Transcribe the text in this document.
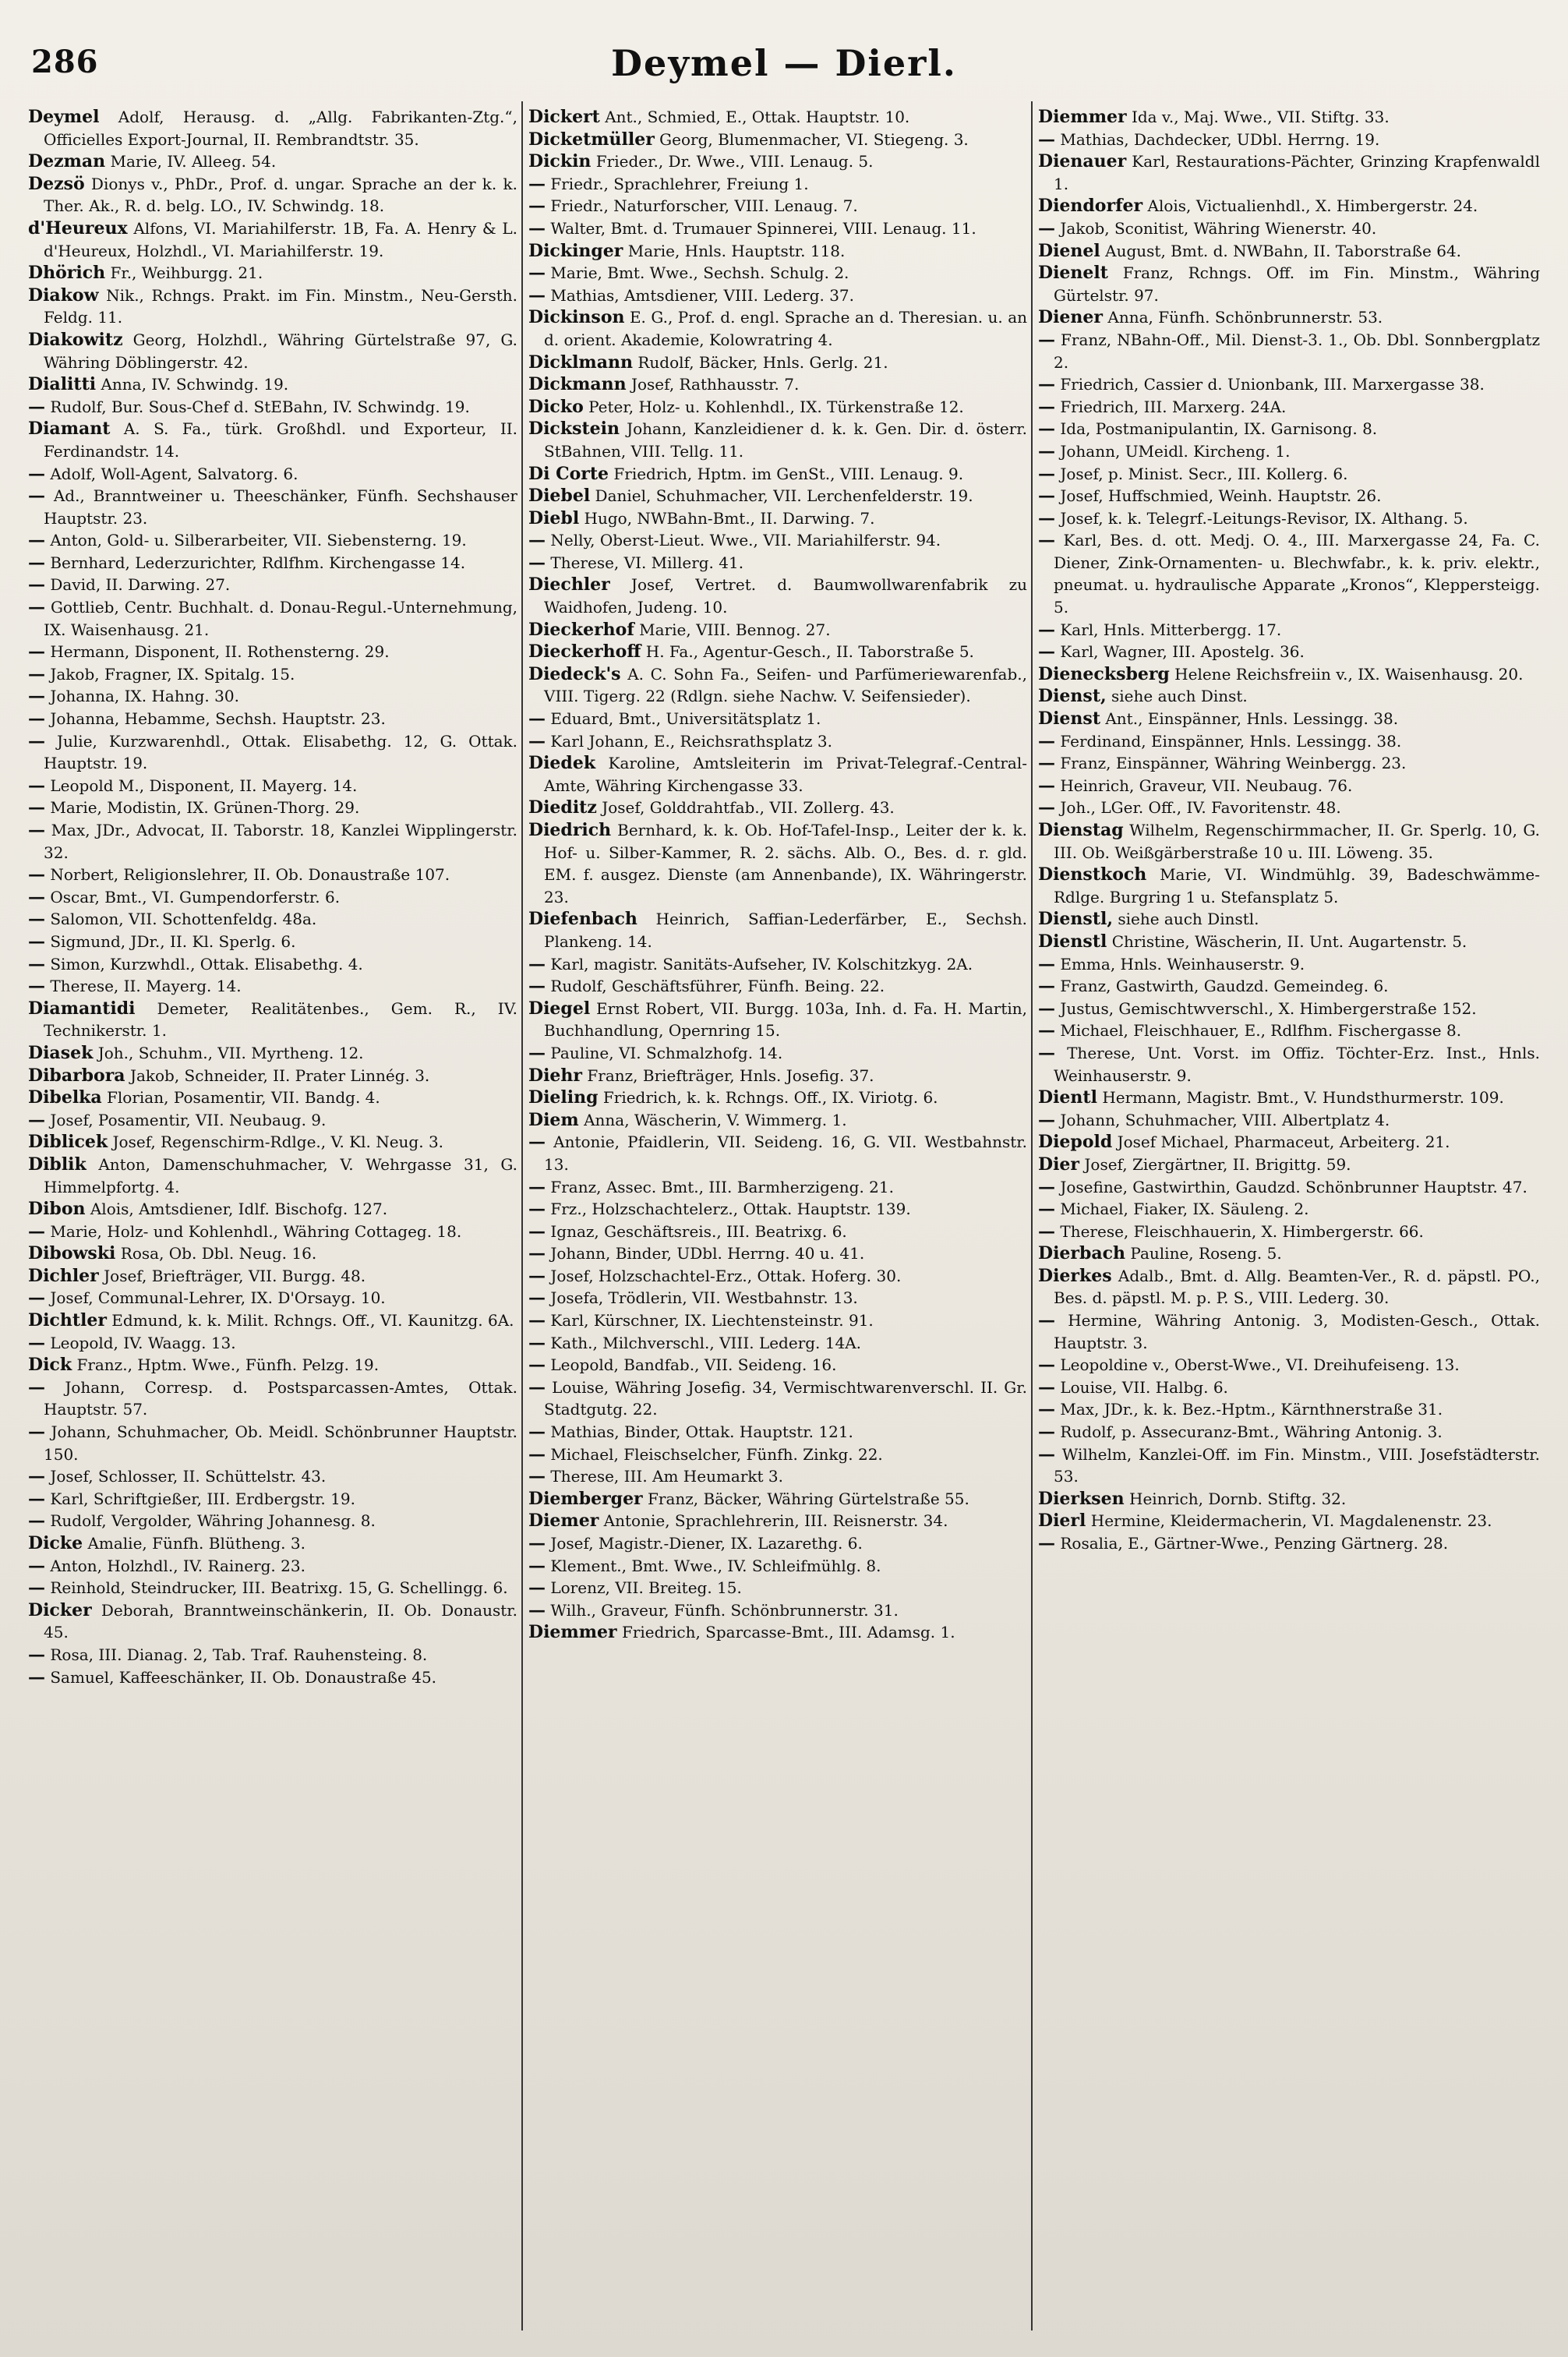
286	Deymel — Dierl.

Deymel Adolf, Herausg. d. „Allg. Fabrikanten-Ztg.“, Officielles Export-Journal, II. Rembrandtstr. 35.

Dezman Marie, IV. Alleeg. 54.

Dezsö Dionys v., PhDr., Prof. d. ungar. Sprache an der k. k. Ther. Ak., R. d. belg. LO., IV. Schwindg. 18.

d'Heureux Alfons, VI. Mariahilferstr. 1B, Fa. A. Henry & L. d'Heureux, Holzhdl., VI. Mariahilferstr. 19.

Dhörich Fr., Weihburgg. 21.

Diakow Nik., Rchngs. Prakt. im Fin. Minstm., Neu-Gersth. Feldg. 11.

Diakowitz Georg, Holzhdl., Währing Gürtelstraße 97, G. Währing Döblingerstr. 42.

Dialitti Anna, IV. Schwindg. 19.

— Rudolf, Bur. Sous-Chef d. StEBahn, IV. Schwindg. 19.

Diamant A. S. Fa., türk. Großhdl. und Exporteur, II. Ferdinandstr. 14.

— Adolf, Woll-Agent, Salvatorg. 6.

— Ad., Branntweiner u. Theeschänker, Fünfh. Sechshauser Hauptstr. 23.

— Anton, Gold- u. Silberarbeiter, VII. Siebensterng. 19.

— Bernhard, Lederzurichter, Rdlfhm. Kirchengasse 14.

— David, II. Darwing. 27.

— Gottlieb, Centr. Buchhalt. d. Donau-Regul.-Unternehmung, IX. Waisenhausg. 21.

— Hermann, Disponent, II. Rothensterng. 29.

— Jakob, Fragner, IX. Spitalg. 15.

— Johanna, IX. Hahng. 30.

— Johanna, Hebamme, Sechsh. Hauptstr. 23.

— Julie, Kurzwarenhdl., Ottak. Elisabethg. 12, G. Ottak. Hauptstr. 19.

— Leopold M., Disponent, II. Mayerg. 14.

— Marie, Modistin, IX. Grünen-Thorg. 29.

— Max, JDr., Advocat, II. Taborstr. 18, Kanzlei Wipplingerstr. 32.

— Norbert, Religionslehrer, II. Ob. Donaustraße 107.

— Oscar, Bmt., VI. Gumpendorferstr. 6.

— Salomon, VII. Schottenfeldg. 48a.

— Sigmund, JDr., II. Kl. Sperlg. 6.

— Simon, Kurzwhdl., Ottak. Elisabethg. 4.

— Therese, II. Mayerg. 14.

Diamantidi Demeter, Realitätenbes., Gem. R., IV. Technikerstr. 1.

Diasek Joh., Schuhm., VII. Myrtheng. 12.

Dibarbora Jakob, Schneider, II. Prater Linnég. 3.

Dibelka Florian, Posamentir, VII. Bandg. 4.

— Josef, Posamentir, VII. Neubaug. 9.

Diblicek Josef, Regenschirm-Rdlge., V. Kl. Neug. 3.

Diblik Anton, Damenschuhmacher, V. Wehrgasse 31, G. Himmelpfortg. 4.

Dibon Alois, Amtsdiener, Idlf. Bischofg. 127.

— Marie, Holz- und Kohlenhdl., Währing Cottageg. 18.

Dibowski Rosa, Ob. Dbl. Neug. 16.

Dichler Josef, Briefträger, VII. Burgg. 48.

— Josef, Communal-Lehrer, IX. D'Orsayg. 10.

Dichtler Edmund, k. k. Milit. Rchngs. Off., VI. Kaunitzg. 6A.

— Leopold, IV. Waagg. 13.

Dick Franz., Hptm. Wwe., Fünfh. Pelzg. 19.

— Johann, Corresp. d. Postsparcassen-Amtes, Ottak. Hauptstr. 57.

— Johann, Schuhmacher, Ob. Meidl. Schönbrunner Hauptstr. 150.

— Josef, Schlosser, II. Schüttelstr. 43.

— Karl, Schriftgießer, III. Erdbergstr. 19.

— Rudolf, Vergolder, Währing Johannesg. 8.

Dicke Amalie, Fünfh. Blütheng. 3.

— Anton, Holzhdl., IV. Rainerg. 23.

— Reinhold, Steindrucker, III. Beatrixg. 15, G. Schellingg. 6.

Dicker Deborah, Branntweinschänkerin, II. Ob. Donaustr. 45.

— Rosa, III. Dianag. 2, Tab. Traf. Rauhensteing. 8.

— Samuel, Kaffeeschänker, II. Ob. Donaustraße 45.

Dickert Ant., Schmied, E., Ottak. Hauptstr. 10.

Dicketmüller Georg, Blumenmacher, VI. Stiegeng. 3.

Dickin Frieder., Dr. Wwe., VIII. Lenaug. 5.

— Friedr., Sprachlehrer, Freiung 1.

— Friedr., Naturforscher, VIII. Lenaug. 7.

— Walter, Bmt. d. Trumauer Spinnerei, VIII. Lenaug. 11.

Dickinger Marie, Hnls. Hauptstr. 118.

— Marie, Bmt. Wwe., Sechsh. Schulg. 2.

— Mathias, Amtsdiener, VIII. Lederg. 37.

Dickinson E. G., Prof. d. engl. Sprache an d. Theresian. u. an d. orient. Akademie, Kolowratring 4.

Dicklmann Rudolf, Bäcker, Hnls. Gerlg. 21.

Dickmann Josef, Rathhausstr. 7.

Dicko Peter, Holz- u. Kohlenhdl., IX. Türkenstraße 12.

Dickstein Johann, Kanzleidiener d. k. k. Gen. Dir. d. österr. StBahnen, VIII. Tellg. 11.

Di Corte Friedrich, Hptm. im GenSt., VIII. Lenaug. 9.

Diebel Daniel, Schuhmacher, VII. Lerchenfelderstr. 19.

Diebl Hugo, NWBahn-Bmt., II. Darwing. 7.

— Nelly, Oberst-Lieut. Wwe., VII. Mariahilferstr. 94.

— Therese, VI. Millerg. 41.

Diechler Josef, Vertret. d. Baumwollwarenfabrik zu Waidhofen, Judeng. 10.

Dieckerhof Marie, VIII. Bennog. 27.

Dieckerhoff H. Fa., Agentur-Gesch., II. Taborstraße 5.

Diedeck's A. C. Sohn Fa., Seifen- und Parfümeriewarenfab., VIII. Tigerg. 22 (Rdlgn. siehe Nachw. V. Seifensieder).

— Eduard, Bmt., Universitätsplatz 1.

— Karl Johann, E., Reichsrathsplatz 3.

Diedek Karoline, Amtsleiterin im Privat-Telegraf.-Central-Amte, Währing Kirchengasse 33.

Dieditz Josef, Golddrahtfab., VII. Zollerg. 43.

Diedrich Bernhard, k. k. Ob. Hof-Tafel-Insp., Leiter der k. k. Hof- u. Silber-Kammer, R. 2. sächs. Alb. O., Bes. d. r. gld. EM. f. ausgez. Dienste (am Annenbande), IX. Währingerstr. 23.

Diefenbach Heinrich, Saffian-Lederfärber, E., Sechsh. Plankeng. 14.

— Karl, magistr. Sanitäts-Aufseher, IV. Kolschitzkyg. 2A.

— Rudolf, Geschäftsführer, Fünfh. Being. 22.

Diegel Ernst Robert, VII. Burgg. 103a, Inh. d. Fa. H. Martin, Buchhandlung, Opernring 15.

— Pauline, VI. Schmalzhofg. 14.

Diehr Franz, Briefträger, Hnls. Josefig. 37.

Dieling Friedrich, k. k. Rchngs. Off., IX. Viriotg. 6.

Diem Anna, Wäscherin, V. Wimmerg. 1.

— Antonie, Pfaidlerin, VII. Seideng. 16, G. VII. Westbahnstr. 13.

— Franz, Assec. Bmt., III. Barmherzigeng. 21.

— Frz., Holzschachtelerz., Ottak. Hauptstr. 139.

— Ignaz, Geschäftsreis., III. Beatrixg. 6.

— Johann, Binder, UDbl. Herrng. 40 u. 41.

— Josef, Holzschachtel-Erz., Ottak. Hoferg. 30.

— Josefa, Trödlerin, VII. Westbahnstr. 13.

— Karl, Kürschner, IX. Liechtensteinstr. 91.

— Kath., Milchverschl., VIII. Lederg. 14A.

— Leopold, Bandfab., VII. Seideng. 16.

— Louise, Währing Josefig. 34, Vermischtwarenverschl. II. Gr. Stadtgutg. 22.

— Mathias, Binder, Ottak. Hauptstr. 121.

— Michael, Fleischselcher, Fünfh. Zinkg. 22.

— Therese, III. Am Heumarkt 3.

Diemberger Franz, Bäcker, Währing Gürtelstraße 55.

Diemer Antonie, Sprachlehrerin, III. Reisnerstr. 34.

— Josef, Magistr.-Diener, IX. Lazarethg. 6.

— Klement., Bmt. Wwe., IV. Schleifmühlg. 8.

— Lorenz, VII. Breiteg. 15.

— Wilh., Graveur, Fünfh. Schönbrunnerstr. 31.

Diemmer Friedrich, Sparcasse-Bmt., III. Adamsg. 1.

Diemmer Ida v., Maj. Wwe., VII. Stiftg. 33.

— Mathias, Dachdecker, UDbl. Herrng. 19.

Dienauer Karl, Restaurations-Pächter, Grinzing Krapfenwaldl 1.

Diendorfer Alois, Victualienhdl., X. Himbergerstr. 24.

— Jakob, Sconitist, Währing Wienerstr. 40.

Dienel August, Bmt. d. NWBahn, II. Taborstraße 64.

Dienelt Franz, Rchngs. Off. im Fin. Minstm., Währing Gürtelstr. 97.

Diener Anna, Fünfh. Schönbrunnerstr. 53.

— Franz, NBahn-Off., Mil. Dienst-3. 1., Ob. Dbl. Sonnbergplatz 2.

— Friedrich, Cassier d. Unionbank, III. Marxergasse 38.

— Friedrich, III. Marxerg. 24A.

— Ida, Postmanipulantin, IX. Garnisong. 8.

— Johann, UMeidl. Kircheng. 1.

— Josef, p. Minist. Secr., III. Kollerg. 6.

— Josef, Huffschmied, Weinh. Hauptstr. 26.

— Josef, k. k. Telegrf.-Leitungs-Revisor, IX. Althang. 5.

— Karl, Bes. d. ott. Medj. O. 4., III. Marxergasse 24, Fa. C. Diener, Zink-Ornamenten- u. Blechwfabr., k. k. priv. elektr., pneumat. u. hydraulische Apparate „Kronos“, Kleppersteigg. 5.

— Karl, Hnls. Mitterbergg. 17.

— Karl, Wagner, III. Apostelg. 36.

Dienecksberg Helene Reichsfreiin v., IX. Waisenhausg. 20.

Dienst, siehe auch Dinst.

Dienst Ant., Einspänner, Hnls. Lessingg. 38.

— Ferdinand, Einspänner, Hnls. Lessingg. 38.

— Franz, Einspänner, Währing Weinbergg. 23.

— Heinrich, Graveur, VII. Neubaug. 76.

— Joh., LGer. Off., IV. Favoritenstr. 48.

Dienstag Wilhelm, Regenschirmmacher, II. Gr. Sperlg. 10, G. III. Ob. Weißgärberstraße 10 u. III. Löweng. 35.

Dienstkoch Marie, VI. Windmühlg. 39, Badeschwämme-Rdlge. Burgring 1 u. Stefansplatz 5.

Dienstl, siehe auch Dinstl.

Dienstl Christine, Wäscherin, II. Unt. Augartenstr. 5.

— Emma, Hnls. Weinhauserstr. 9.

— Franz, Gastwirth, Gaudzd. Gemeindeg. 6.

— Justus, Gemischtwverschl., X. Himbergerstraße 152.

— Michael, Fleischhauer, E., Rdlfhm. Fischergasse 8.

— Therese, Unt. Vorst. im Offiz. Töchter-Erz. Inst., Hnls. Weinhauserstr. 9.

Dientl Hermann, Magistr. Bmt., V. Hundsthurmerstr. 109.

— Johann, Schuhmacher, VIII. Albertplatz 4.

Diepold Josef Michael, Pharmaceut, Arbeiterg. 21.

Dier Josef, Ziergärtner, II. Brigittg. 59.

— Josefine, Gastwirthin, Gaudzd. Schönbrunner Hauptstr. 47.

— Michael, Fiaker, IX. Säuleng. 2.

— Therese, Fleischhauerin, X. Himbergerstr. 66.

Dierbach Pauline, Roseng. 5.

Dierkes Adalb., Bmt. d. Allg. Beamten-Ver., R. d. päpstl. PO., Bes. d. päpstl. M. p. P. S., VIII. Lederg. 30.

— Hermine, Währing Antonig. 3, Modisten-Gesch., Ottak. Hauptstr. 3.

— Leopoldine v., Oberst-Wwe., VI. Dreihufeiseng. 13.

— Louise, VII. Halbg. 6.

— Max, JDr., k. k. Bez.-Hptm., Kärnthnerstraße 31.

— Rudolf, p. Assecuranz-Bmt., Währing Antonig. 3.

— Wilhelm, Kanzlei-Off. im Fin. Minstm., VIII. Josefstädterstr. 53.

Dierksen Heinrich, Dornb. Stiftg. 32.

Dierl Hermine, Kleidermacherin, VI. Magdalenenstr. 23.

— Rosalia, E., Gärtner-Wwe., Penzing Gärtnerg. 28.
